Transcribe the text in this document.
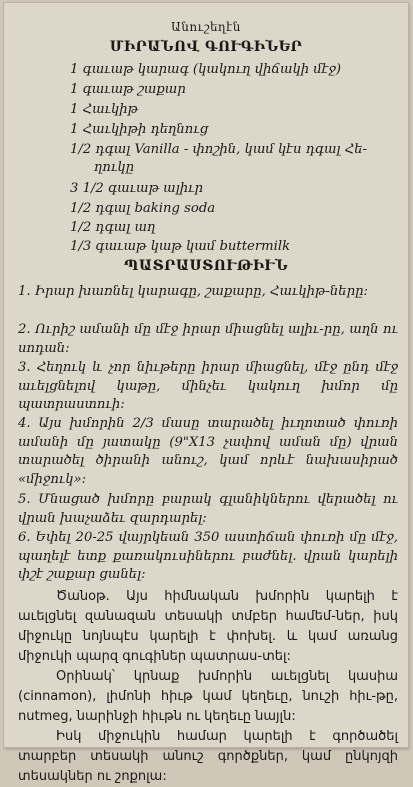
Անուշեղէն
ՄԻՐԱՆՈՎ ԳՈՒԳԻՆԵՐ
1 գաւաթ կարագ (կակուղ վիճակի մէջ)
1 գաւաթ շաքար
1 Հաւկիթ
1 Հաւկիթի դեղնուց
1/2 դգալ Vanilla - փոշին, կամ կէս դգալ Հե-
ղուկը
3 1/2 գաւաթ ալիւր
1/2 դգալ baking soda
1/2 դգալ աղ
1/3 գաւաթ կաթ կամ buttermilk
ՊԱՏՐԱՍՏՈՒԹԻՒՆ
1. Իրար խառնել կարագը, շաքարը, Հաւկիթ-ները:
2. Ուրիշ ամանի մը մէջ իրար միացնել ալիւ-րը, աղն ու սոդան:
3. Հեղուկ և չոր նիւթերը իրար միացնել, մէջ ընդ մէջ աւելցնելով կաթը, մինչեւ կակուղ խմոր մը պատրաստուի:
4. Այս խմորին 2/3 մասը տարածել իւղոտած փուռի ամանի մը յատակը (9"X13 չափով աման մը) վրան տարածել ծիրանի անուշ, կամ որևէ նախասիրած «միջուկ»:
5. Մնացած խմորը բարակ գլանիկներու վերածել ու վրան խաչաձեւ զարդարել:
6. Եփել 20-25 վայրկեան 350 աստիճան փուռի մը մէջ, պաղելէ ետք քառակուսիներու բաժնել. վրան կարելի փշէ շաքար ցանել:

Ծանօթ. Այս հիմնական խմորին կարելի է աւելցնել զանազան տեսակի տմբեր համեմ-ներ, իսկ միջուկը նոյնպէս կարելի է փոխել. և կամ առանց միջուկի պարզ գուգիներ պատրաս-տել:

Օրինակ՝ կրնաք խմորին աւելցնել կասիա (cinnamon), լիմոնի հիւթ կամ կեղեւը, նուշի հիւ-թը, nutmeg, նարինջի հիւթն ու կեղեւը նայլն:

Իսկ միջուկին համար կարելի է գործածել տարբեր տեսակի անուշ գործքներ, կամ ընկոյզի տեսակներ ու շոքոլա:
